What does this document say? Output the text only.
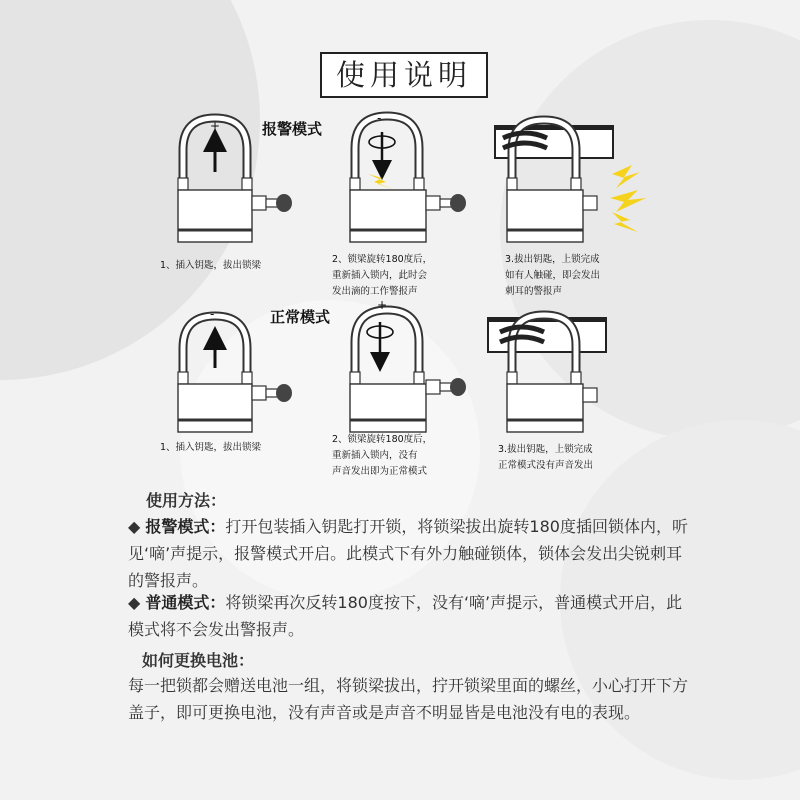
使用说明
+
-
-
+
报警模式
正常模式
1、插入钥匙，拔出锁梁
2、锁梁旋转180度后，
重新插入锁内，此时会
发出滴的工作警报声
3.拔出钥匙，上锁完成
如有人触碰，即会发出
刺耳的警报声
1、插入钥匙，拔出锁梁
2、锁梁旋转180度后，
重新插入锁内，没有
声音发出即为正常模式
3.拔出钥匙，上锁完成
正常模式没有声音发出
使用方法：
◆ 报警模式：打开包装插入钥匙打开锁，将锁梁拔出旋转180度插回锁体内，听见‘嘀’声提示，报警模式开启。此模式下有外力触碰锁体，锁体会发出尖锐刺耳的警报声。
◆ 普通模式：将锁梁再次反转180度按下，没有‘嘀’声提示，普通模式开启，此模式将不会发出警报声。
如何更换电池：
每一把锁都会赠送电池一组，将锁梁拔出，拧开锁梁里面的螺丝，小心打开下方盖子，即可更换电池，没有声音或是声音不明显皆是电池没有电的表现。
